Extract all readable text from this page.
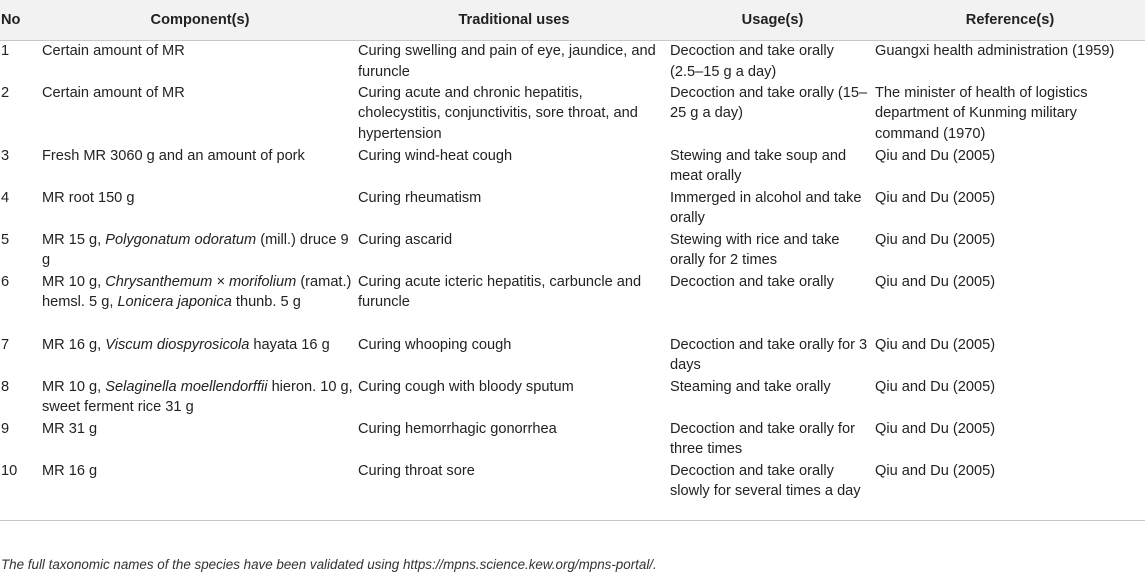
No	Component(s)	Traditional uses	Usage(s)	Reference(s)
1	Certain amount of MR	Curing swelling and pain of eye, jaundice, and furuncle	Decoction and take orally (2.5–15 g a day)	Guangxi health administration (1959)
2	Certain amount of MR	Curing acute and chronic hepatitis, cholecystitis, conjunctivitis, sore throat, and hypertension	Decoction and take orally (15–25 g a day)	The minister of health of logistics department of Kunming military command (1970)
3	Fresh MR 3060 g and an amount of pork	Curing wind-heat cough	Stewing and take soup and meat orally	Qiu and Du (2005)
4	MR root 150 g	Curing rheumatism	Immerged in alcohol and take orally	Qiu and Du (2005)
5	MR 15 g, Polygonatum odoratum (mill.) druce 9 g	Curing ascarid	Stewing with rice and take orally for 2 times	Qiu and Du (2005)
6	MR 10 g, Chrysanthemum × morifolium (ramat.) hemsl. 5 g, Lonicera japonica thunb. 5 g	Curing acute icteric hepatitis, carbuncle and furuncle	Decoction and take orally	Qiu and Du (2005)
7	MR 16 g, Viscum diospyrosicola hayata 16 g	Curing whooping cough	Decoction and take orally for 3 days	Qiu and Du (2005)
8	MR 10 g, Selaginella moellendorffii hieron. 10 g, sweet ferment rice 31 g	Curing cough with bloody sputum	Steaming and take orally	Qiu and Du (2005)
9	MR 31 g	Curing hemorrhagic gonorrhea	Decoction and take orally for three times	Qiu and Du (2005)
10	MR 16 g	Curing throat sore	Decoction and take orally slowly for several times a day	Qiu and Du (2005)
The full taxonomic names of the species have been validated using https://mpns.science.kew.org/mpns-portal/.
